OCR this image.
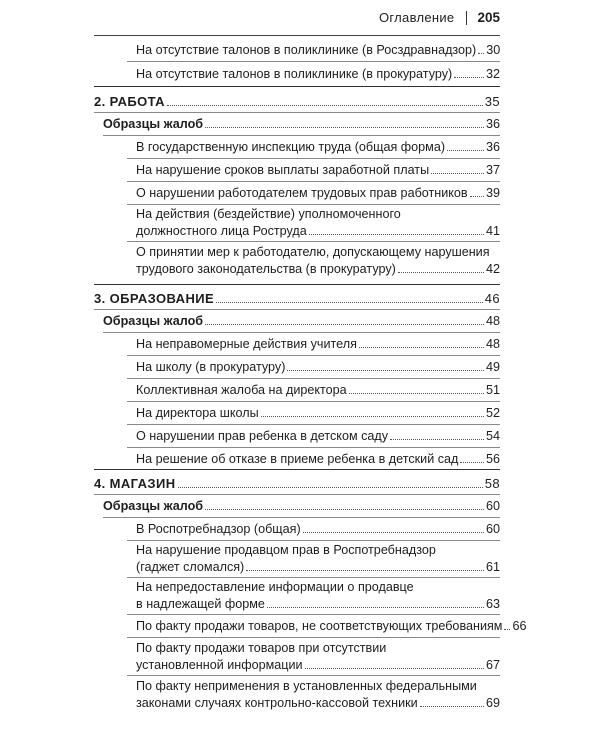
Оглавление 205
На отсутствие талонов в поликлинике (в Росздравнадзор) 30
На отсутствие талонов в поликлинике (в прокуратуру)	32
2. РАБОТА	35
Образцы жалоб	36
В государственную инспекцию труда (общая форма)	36
На нарушение сроков выплаты заработной платы	37
О нарушении работодателем трудовых прав работников 39
На действия (бездействие) уполномоченного
должностного лица Роструда	41
О принятии мер к работодателю, допускающему нарушения
трудового законодательства (в прокуратуру)	42
3. ОБРАЗОВАНИЕ	46
Образцы жалоб	48
На неправомерные действия учителя	48
На школу (в прокуратуру)	49
Коллективная жалоба на директора	51
На директора школы	52
О нарушении прав ребенка в детском саду	54
На решение об отказе в приеме ребенка в детский сад 56
4. МАГАЗИН	58
Образцы жалоб	60
В Роспотребнадзор (общая)	60
На нарушение продавцом прав в Роспотребнадзор
(гаджет сломался)	61
На непредоставление информации о продавце
в надлежащей форме	63
По факту продажи товаров, не соответствующих требованиям 66
По факту продажи товаров при отсутствии
установленной информации	67
По факту неприменения в установленных федеральными
законами случаях контрольно-кассовой техники	69
